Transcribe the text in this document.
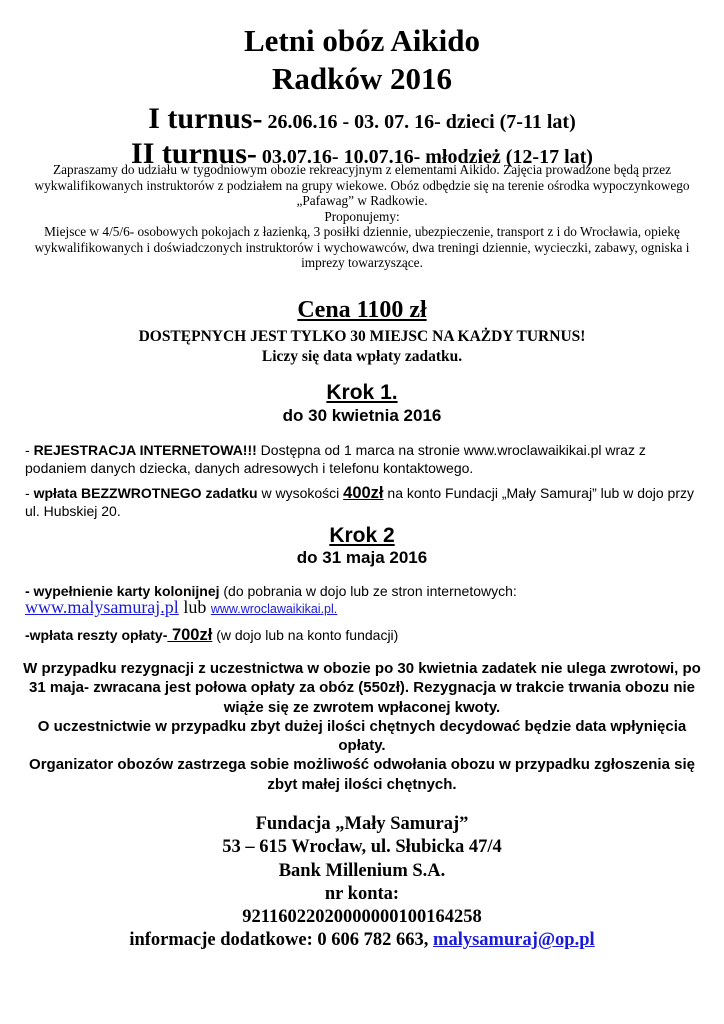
Letni obóz Aikido
Radków 2016
I turnus- 26.06.16 - 03. 07. 16- dzieci (7-11 lat)
II turnus- 03.07.16- 10.07.16- młodzież (12-17 lat)

Zapraszamy do udziału w tygodniowym obozie rekreacyjnym z elementami Aikido. Zajęcia prowadzone będą przez wykwalifikowanych instruktorów z podziałem na grupy wiekowe. Obóz odbędzie się na terenie ośrodka wypoczynkowego „Pafawag” w Radkowie.

Proponujemy:

Miejsce w 4/5/6- osobowych pokojach z łazienką, 3 posiłki dziennie, ubezpieczenie, transport z i do Wrocławia, opiekę wykwalifikowanych i doświadczonych instruktorów i wychowawców, dwa treningi dziennie, wycieczki, zabawy, ogniska i imprezy towarzyszące.

Cena 1100 zł
DOSTĘPNYCH JEST TYLKO 30 MIEJSC NA KAŻDY TURNUS!
Liczy się data wpłaty zadatku.
Krok 1.
do 30 kwietnia 2016
- REJESTRACJA INTERNETOWA!!! Dostępna od 1 marca na stronie www.wroclawaikikai.pl wraz z podaniem danych dziecka, danych adresowych i telefonu kontaktowego.
- wpłata BEZZWROTNEGO zadatku w wysokości 400zł na konto Fundacji „Mały Samuraj” lub w dojo przy ul. Hubskiej 20.
Krok 2
do 31 maja 2016
- wypełnienie karty kolonijnej (do pobrania w dojo lub ze stron internetowych:
www.malysamuraj.pl lub www.wroclawaikikai.pl.
-wpłata reszty opłaty- 700zł (w dojo lub na konto fundacji)

W przypadku rezygnacji z uczestnictwa w obozie po 30 kwietnia zadatek nie ulega zwrotowi, po 31 maja- zwracana jest połowa opłaty za obóz (550zł). Rezygnacja w trakcie trwania obozu nie wiąże się ze zwrotem wpłaconej kwoty.

O uczestnictwie w przypadku zbyt dużej ilości chętnych decydować będzie data wpłynięcia opłaty.

Organizator obozów zastrzega sobie możliwość odwołania obozu w przypadku zgłoszenia się zbyt małej ilości chętnych.

Fundacja „Mały Samuraj”

53 – 615 Wrocław, ul. Słubicka 47/4

Bank Millenium S.A.

nr konta:

92116022020000000100164258

informacje dodatkowe: 0 606 782 663, malysamuraj@op.pl
